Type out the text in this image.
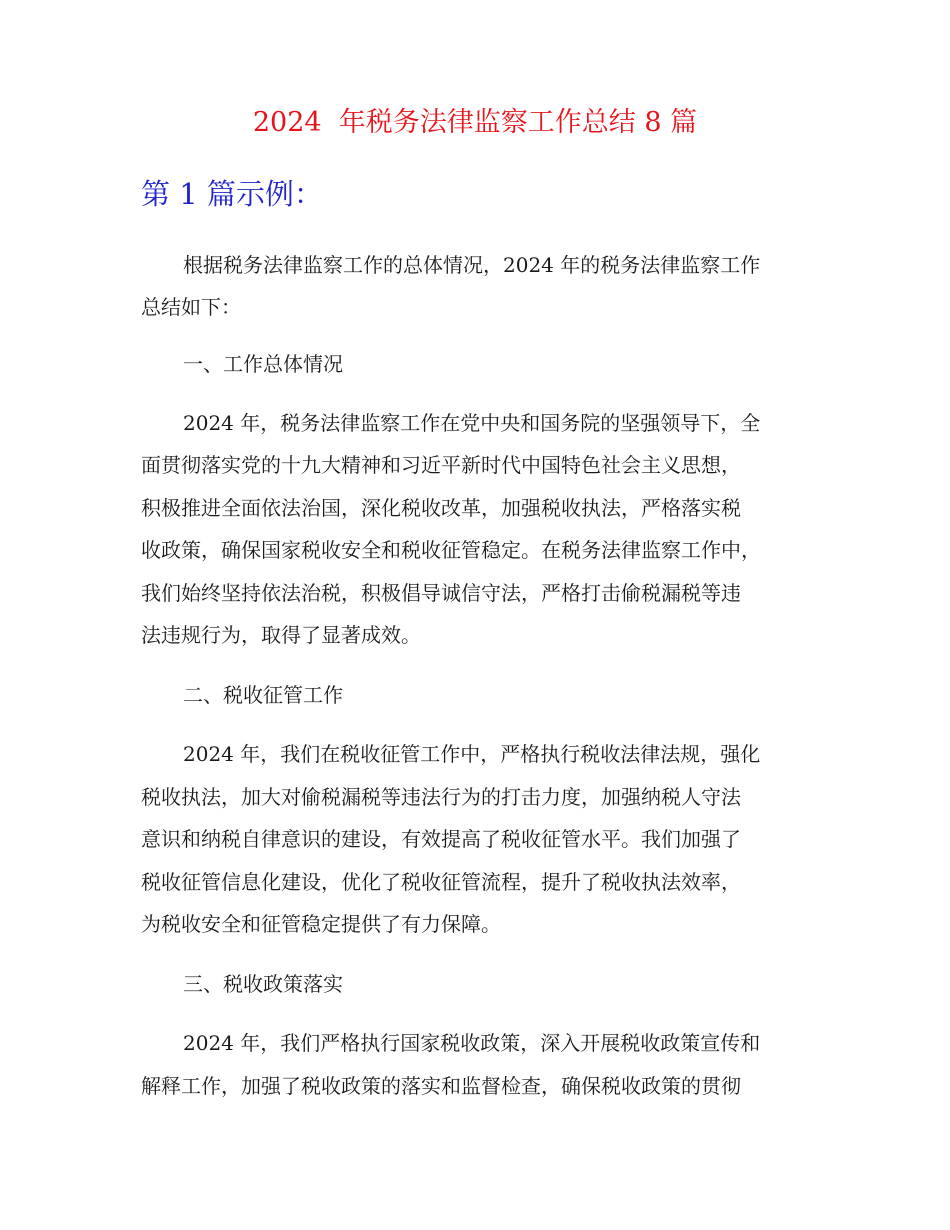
2024  年税务法律监察工作总结 8 篇
第 1 篇示例：

根据税务法律监察工作的总体情况，2024 年的税务法律监察工作

总结如下：

一、工作总体情况

2024 年，税务法律监察工作在党中央和国务院的坚强领导下，全

面贯彻落实党的十九大精神和习近平新时代中国特色社会主义思想，

积极推进全面依法治国，深化税收改革，加强税收执法，严格落实税

收政策，确保国家税收安全和税收征管稳定。在税务法律监察工作中，

我们始终坚持依法治税，积极倡导诚信守法，严格打击偷税漏税等违

法违规行为，取得了显著成效。

二、税收征管工作

2024 年，我们在税收征管工作中，严格执行税收法律法规，强化

税收执法，加大对偷税漏税等违法行为的打击力度，加强纳税人守法

意识和纳税自律意识的建设，有效提高了税收征管水平。我们加强了

税收征管信息化建设，优化了税收征管流程，提升了税收执法效率，

为税收安全和征管稳定提供了有力保障。

三、税收政策落实

2024 年，我们严格执行国家税收政策，深入开展税收政策宣传和

解释工作，加强了税收政策的落实和监督检查，确保税收政策的贯彻
